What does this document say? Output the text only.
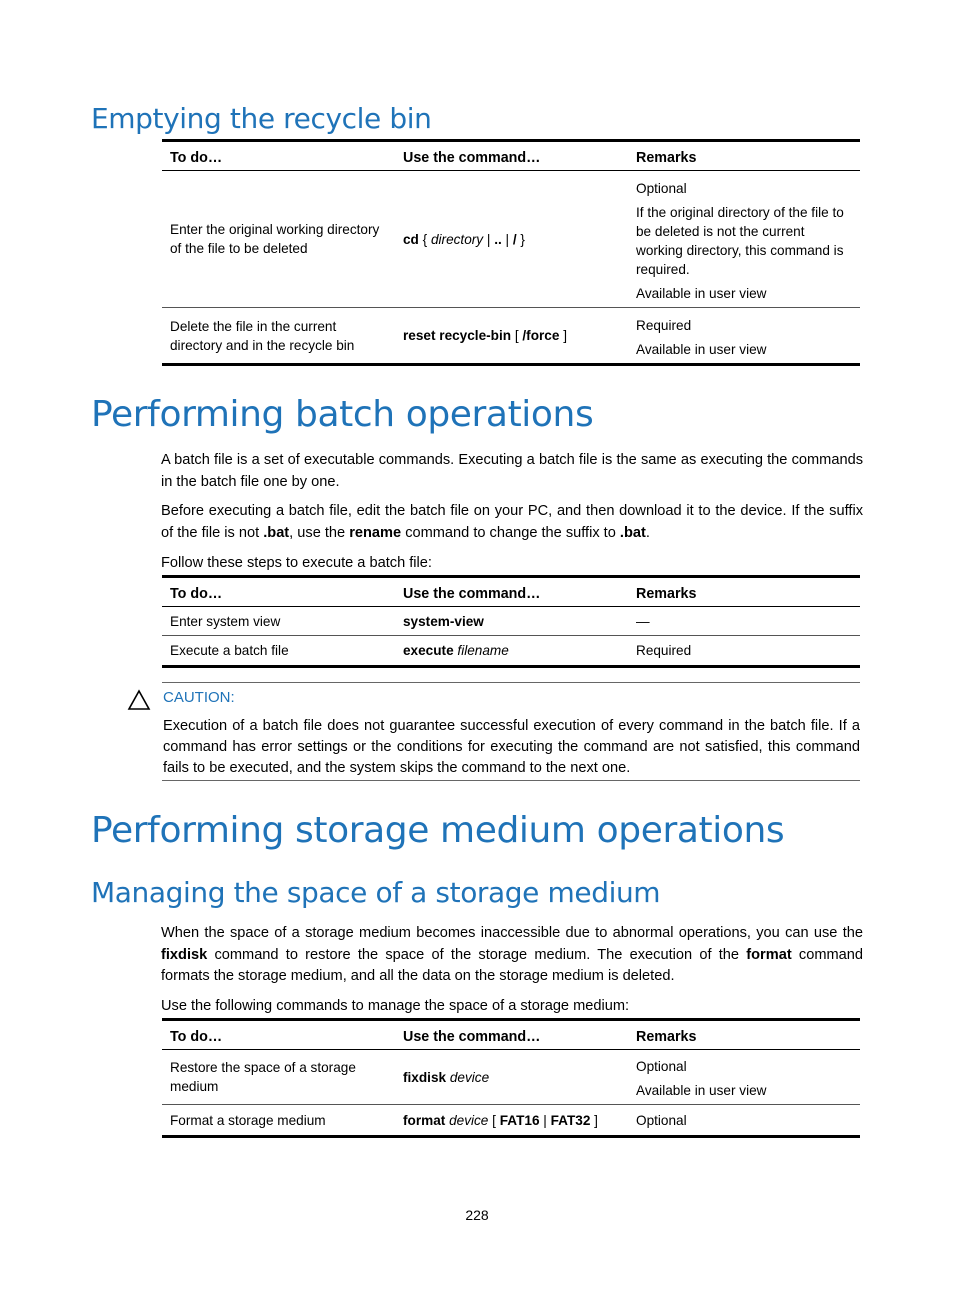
Emptying the recycle bin
To do…	Use the command…	Remarks
Enter the original working directory of the file to be deleted	cd { directory | .. | / }	Optional

If the original directory of the file to be deleted is not the current working directory, this command is required.

Available in user view

Delete the file in the current directory and in the recycle bin	reset recycle-bin [ /force ]	Required

Available in user view

Performing batch operations

A batch file is a set of executable commands. Executing a batch file is the same as executing the commands in the batch file one by one.

Before executing a batch file, edit the batch file on your PC, and then download it to the device. If the suffix of the file is not .bat, use the rename command to change the suffix to .bat.

Follow these steps to execute a batch file:

To do…	Use the command…	Remarks
Enter system view	system-view	—
Execute a batch file	execute filename	Required
CAUTION:

Execution of a batch file does not guarantee successful execution of every command in the batch file. If a command has error settings or the conditions for executing the command are not satisfied, this command fails to be executed, and the system skips the command to the next one.

Performing storage medium operations
Managing the space of a storage medium

When the space of a storage medium becomes inaccessible due to abnormal operations, you can use the fixdisk command to restore the space of the storage medium. The execution of the format command formats the storage medium, and all the data on the storage medium is deleted.

Use the following commands to manage the space of a storage medium:

To do…	Use the command…	Remarks
Restore the space of a storage medium	fixdisk device	Optional

Available in user view

Format a storage medium	format device [ FAT16 | FAT32 ]	Optional
228
